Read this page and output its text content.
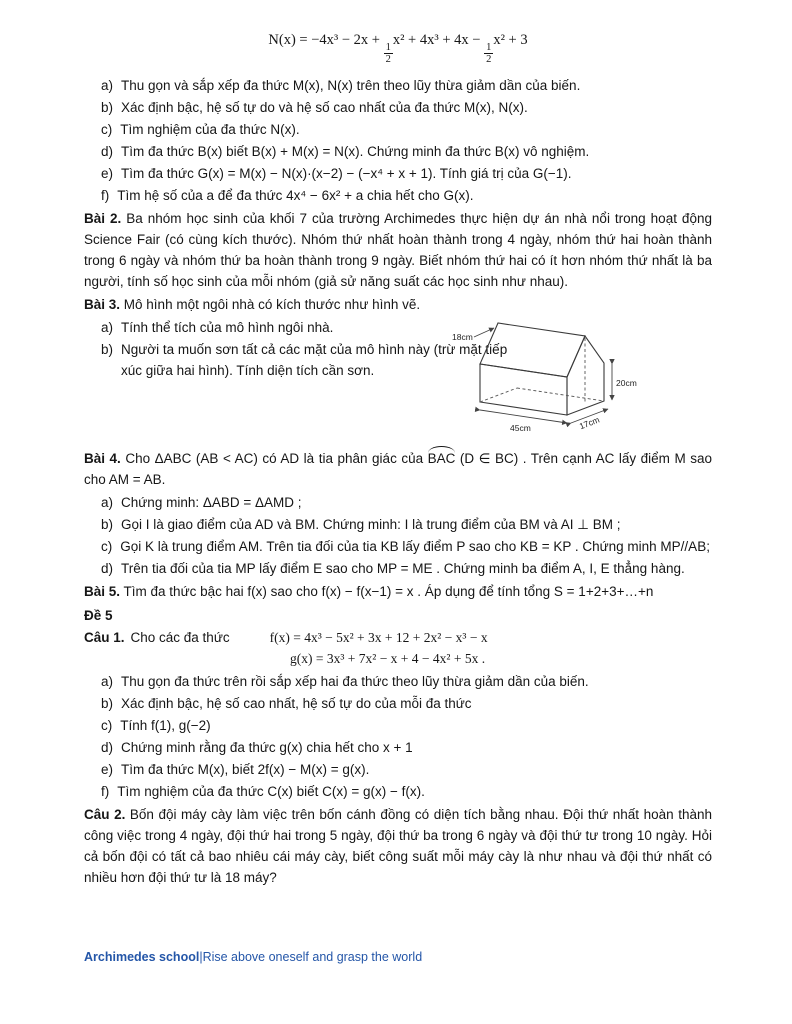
N(x) = −4x³ − 2x +
$\frac{1}{2}$
x² + 4x³ + 4x −
$\frac{1}{2}$
x² + 3
a) Thu gọn và sắp xếp đa thức M(x), N(x) trên theo lũy thừa giảm dần của biến.
b) Xác định bậc, hệ số tự do và hệ số cao nhất của đa thức M(x), N(x).
c) Tìm nghiệm của đa thức N(x).
d) Tìm đa thức B(x) biết B(x) + M(x) = N(x). Chứng minh đa thức B(x) vô nghiệm.
e) Tìm đa thức G(x) = M(x) − N(x)·(x−2) − (−x⁴ + x + 1). Tính giá trị của G(−1).
f) Tìm hệ số của a để đa thức 4x⁴ − 6x² + a chia hết cho G(x).

Bài 2. Ba nhóm học sinh của khối 7 của trường Archimedes thực hiện dự án nhà nổi trong hoạt động Science Fair (có cùng kích thước). Nhóm thứ nhất hoàn thành trong 4 ngày, nhóm thứ hai hoàn thành trong 6 ngày và nhóm thứ ba hoàn thành trong 9 ngày. Biết nhóm thứ hai có ít hơn nhóm thứ nhất là ba người, tính số học sinh của mỗi nhóm (giả sử năng suất các học sinh như nhau).

Bài 3. Mô hình một ngôi nhà có kích thước như hình vẽ.

a) Tính thể tích của mô hình ngôi nhà.
b) Người ta muốn sơn tất cả các mặt của mô hình này (trừ mặt tiếp xúc giữa hai hình). Tính diện tích cần sơn.
18cm
20cm
45cm	17cm

Bài 4. Cho ΔABC (AB < AC) có AD là tia phân giác của BAC (D ∈ BC) . Trên cạnh AC lấy điểm M sao cho AM = AB.

a) Chứng minh: ΔABD = ΔAMD ;
b) Gọi I là giao điểm của AD và BM. Chứng minh: I là trung điểm của BM và AI ⊥ BM ;
c) Gọi K là trung điểm AM. Trên tia đối của tia KB lấy điểm P sao cho KB = KP . Chứng minh MP//AB;
d) Trên tia đối của tia MP lấy điểm E sao cho MP = ME . Chứng minh ba điểm A, I, E thẳng hàng.

Bài 5. Tìm đa thức bậc hai f(x) sao cho f(x) − f(x−1) = x . Áp dụng để tính tổng S = 1+2+3+…+n

Đề 5
Câu 1. Cho các đa thức	f(x) = 4x³ − 5x² + 3x + 12 + 2x² − x³ − x
g(x) = 3x³ + 7x² − x + 4 − 4x² + 5x .
a) Thu gọn đa thức trên rồi sắp xếp hai đa thức theo lũy thừa giảm dần của biến.
b) Xác định bậc, hệ số cao nhất, hệ số tự do của mỗi đa thức
c) Tính f(1), g(−2)
d) Chứng minh rằng đa thức g(x) chia hết cho x + 1
e) Tìm đa thức M(x), biết 2f(x) − M(x) = g(x).
f) Tìm nghiệm của đa thức C(x) biết C(x) = g(x) − f(x).

Câu 2. Bốn đội máy cày làm việc trên bốn cánh đồng có diện tích bằng nhau. Đội thứ nhất hoàn thành công việc trong 4 ngày, đội thứ hai trong 5 ngày, đội thứ ba trong 6 ngày và đội thứ tư trong 10 ngày. Hỏi cả bốn đội có tất cả bao nhiêu cái máy cày, biết công suất mỗi máy cày là như nhau và đội thứ nhất có nhiều hơn đội thứ tư là 18 máy?

Archimedes school|Rise above oneself and grasp the world
